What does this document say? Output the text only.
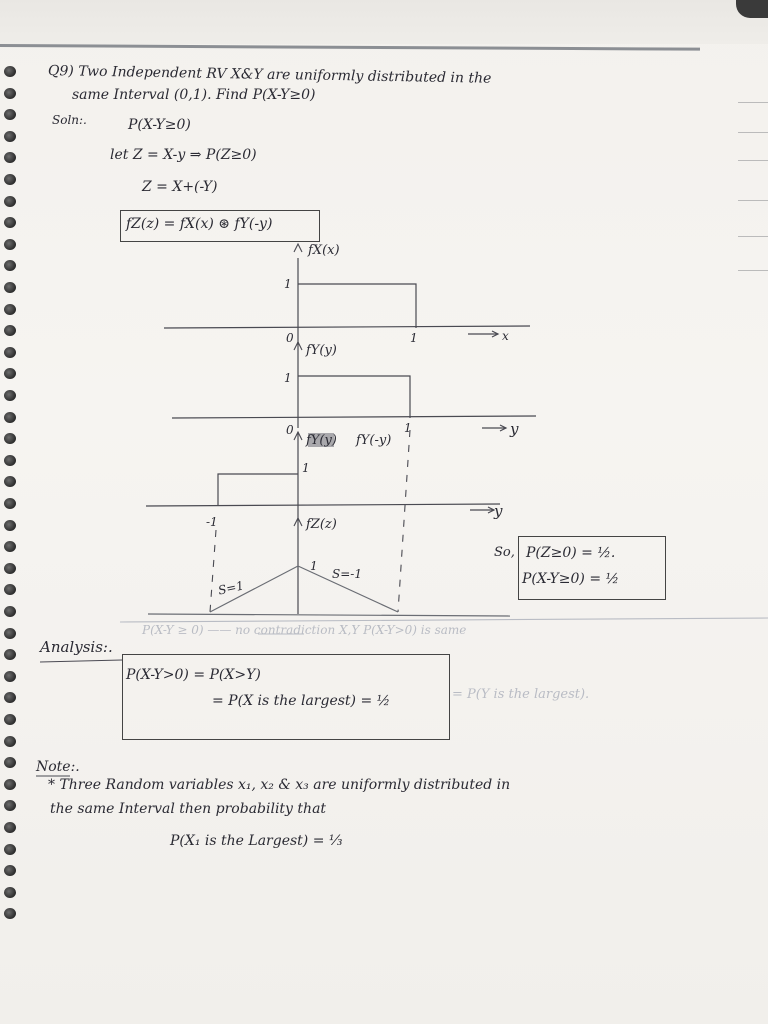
Q9) Two Independent RV X&Y are uniformly distributed in the
same Interval (0,1). Find P(X-Y≥0)
Soln:.	P(X-Y≥0)
let Z = X-y ⇒ P(Z≥0)
Z = X+(-Y)
fZ(z) = fX(x) ⊛ fY(-y)
fX(x)
1
0	1	x
fY(y)
1
0	1	y
fY(y) fY(-y)
1
y
-1	fZ(z)
1
S=1
S=-1
So, P(Z≥0) = ½.
P(X-Y≥0) = ½
Analysis:.
P(X-Y ≥ 0) —— no contradiction X,Y P(X-Y>0) is same
P(X-Y>0) = P(X>Y)
= P(X is the largest) = ½	= P(Y is the largest).
Note:.
* Three Random variables x₁, x₂ & x₃ are uniformly distributed in
the same Interval then probability that
P(X₁ is the Largest) = ⅓
